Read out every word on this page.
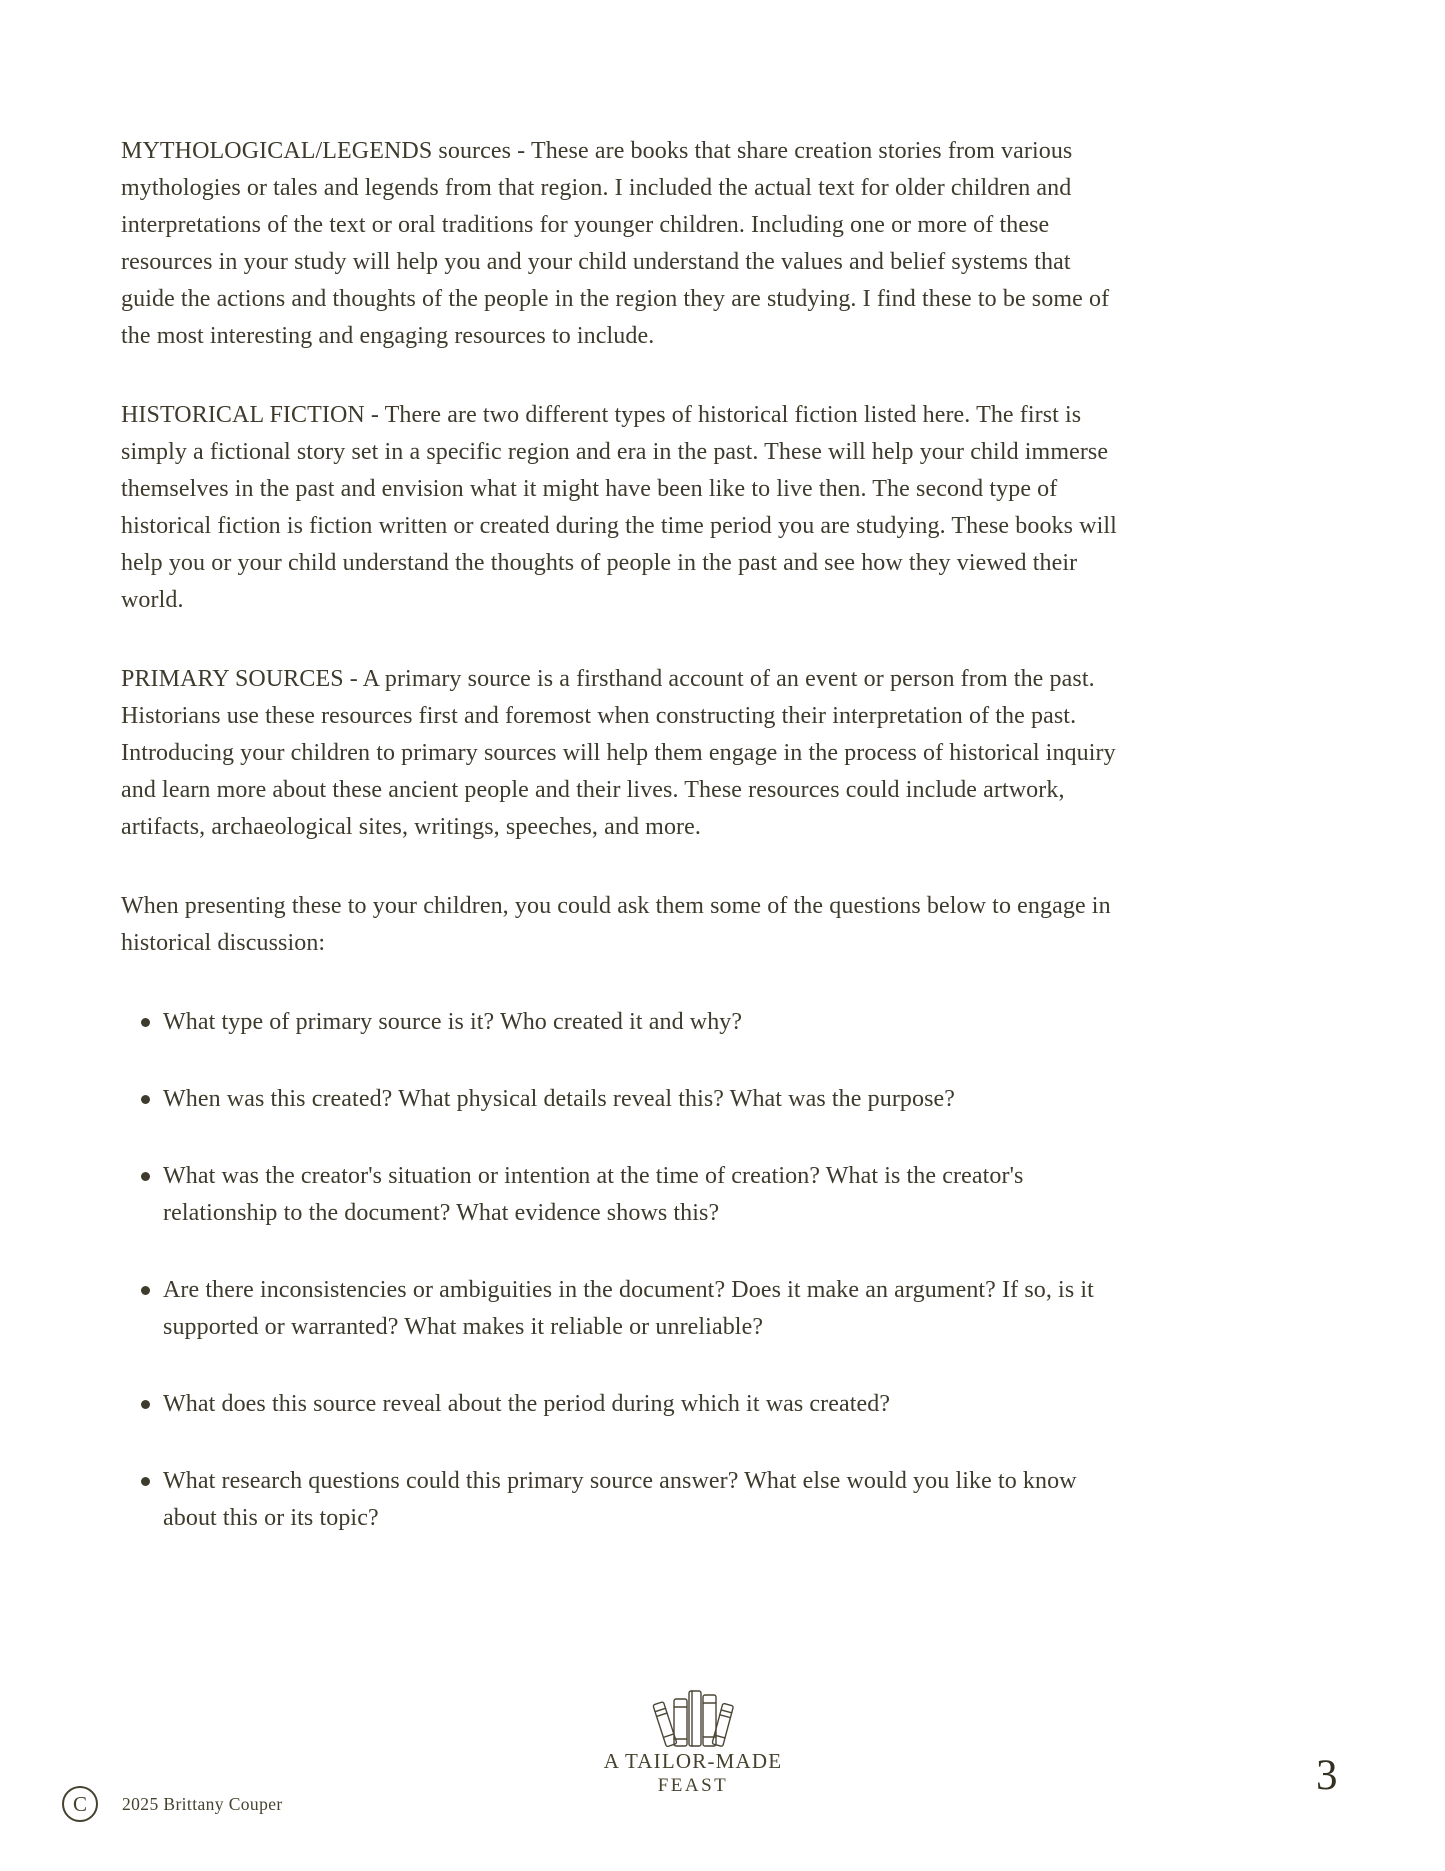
MYTHOLOGICAL/LEGENDS sources - These are books that share creation stories from various mythologies or tales and legends from that region. I included the actual text for older children and interpretations of the text or oral traditions for younger children. Including one or more of these resources in your study will help you and your child understand the values and belief systems that guide the actions and thoughts of the people in the region they are studying. I find these to be some of the most interesting and engaging resources to include.

HISTORICAL FICTION - There are two different types of historical fiction listed here. The first is simply a fictional story set in a specific region and era in the past. These will help your child immerse themselves in the past and envision what it might have been like to live then. The second type of historical fiction is fiction written or created during the time period you are studying. These books will help you or your child understand the thoughts of people in the past and see how they viewed their world.

PRIMARY SOURCES - A primary source is a firsthand account of an event or person from the past. Historians use these resources first and foremost when constructing their interpretation of the past. Introducing your children to primary sources will help them engage in the process of historical inquiry and learn more about these ancient people and their lives. These resources could include artwork, artifacts, archaeological sites, writings, speeches, and more.

When presenting these to your children, you could ask them some of the questions below to engage in historical discussion:

What type of primary source is it? Who created it and why?
When was this created? What physical details reveal this? What was the purpose?
What was the creator's situation or intention at the time of creation? What is the creator's relationship to the document? What evidence shows this?
Are there inconsistencies or ambiguities in the document? Does it make an argument? If so, is it supported or warranted? What makes it reliable or unreliable?
What does this source reveal about the period during which it was created?
What research questions could this primary source answer? What else would you like to know about this or its topic?
C	2025 Brittany Couper
A TAILOR-MADE
FEAST	3
